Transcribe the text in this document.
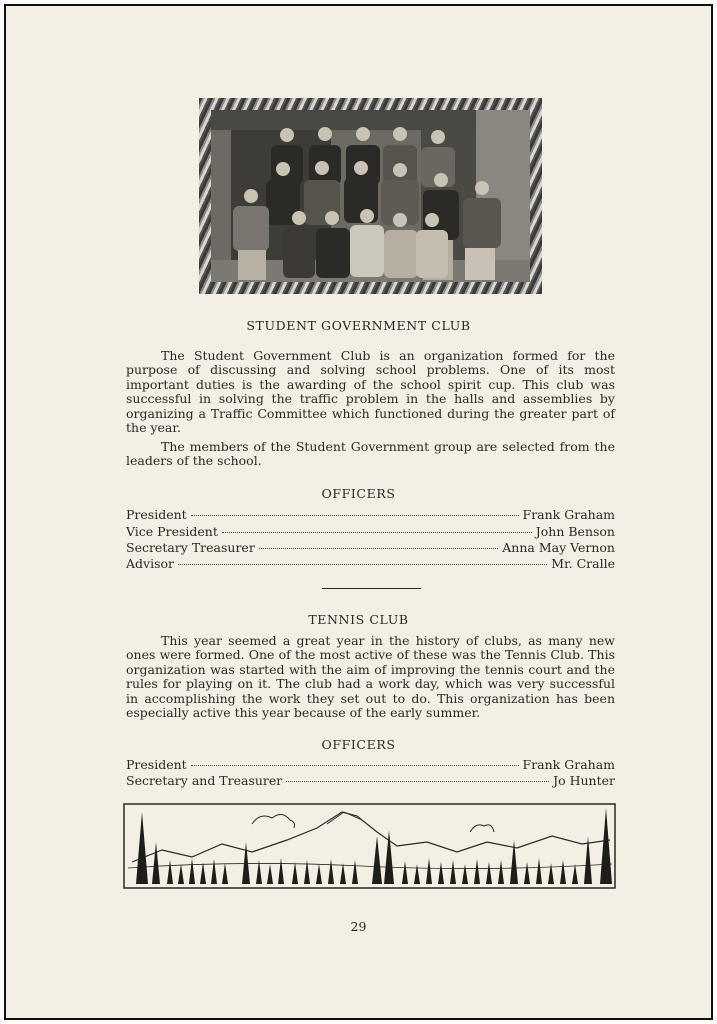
STUDENT GOVERNMENT CLUB

The Student Government Club is an organization formed for the purpose of discussing and solving school problems. One of its most important duties is the awarding of the school spirit cup. This club was successful in solving the traffic problem in the halls and assemblies by organizing a Traffic Committee which functioned during the greater part of the year.

The members of the Student Government group are selected from the leaders of the school.

OFFICERS
President	Frank Graham
Vice President	John Benson
Secretary Treasurer	Anna May Vernon
Advisor	Mr. Cralle
TENNIS CLUB

This year seemed a great year in the history of clubs, as many new ones were formed. One of the most active of these was the Tennis Club. This organization was started with the aim of improving the tennis court and the rules for playing on it. The club had a work day, which was very successful in accomplishing the work they set out to do. This organization has been especially active this year because of the early summer.

OFFICERS
President	Frank Graham
Secretary and Treasurer	Jo Hunter
29
